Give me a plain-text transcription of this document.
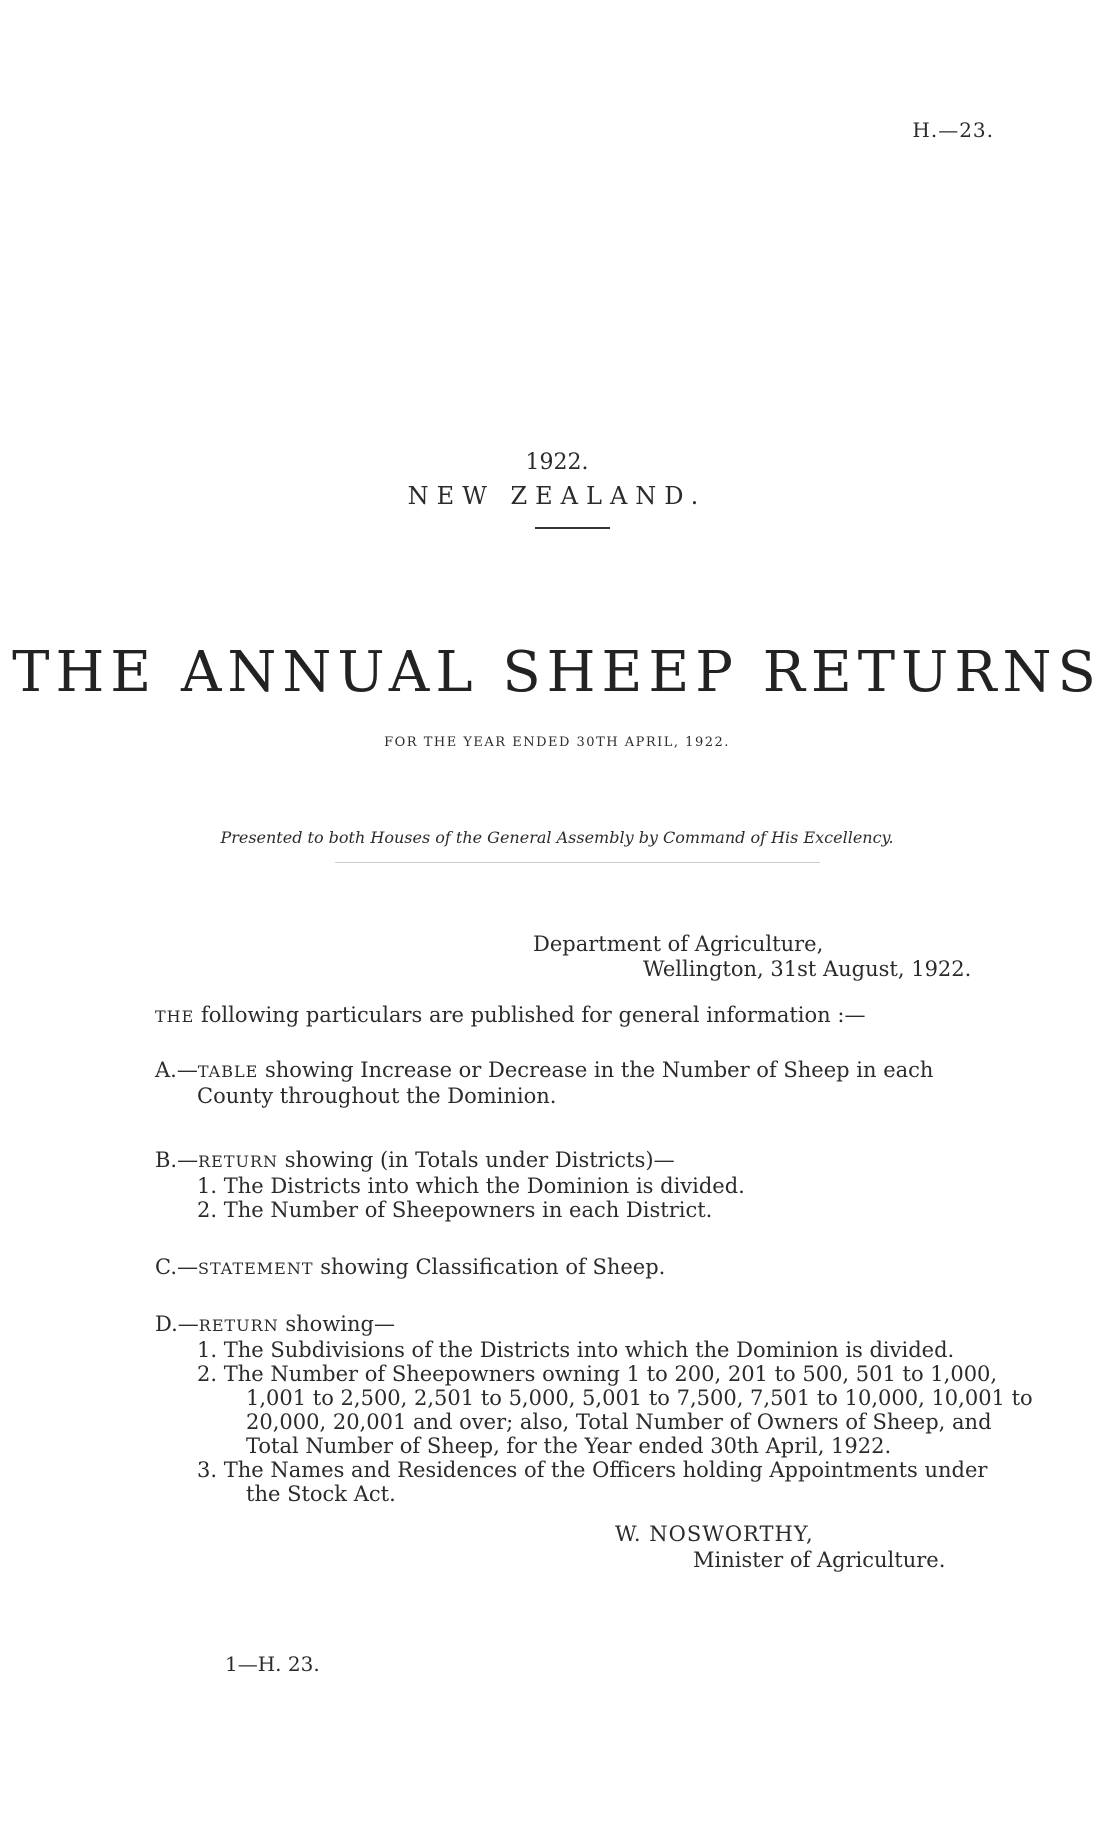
H.—23.
1922.
NEW ZEALAND.
THE ANNUAL SHEEP RETURNS
FOR THE YEAR ENDED 30TH APRIL, 1922.
Presented to both Houses of the General Assembly by Command of His Excellency.
Department of Agriculture,
Wellington, 31st August, 1922.
THE following particulars are published for general information :—
A.—TABLE showing Increase or Decrease in the Number of Sheep in each
County throughout the Dominion.
B.—RETURN showing (in Totals under Districts)—
1. The Districts into which the Dominion is divided.
2. The Number of Sheepowners in each District.
C.—STATEMENT showing Classification of Sheep.
D.—RETURN showing—
1. The Subdivisions of the Districts into which the Dominion is divided.
2. The Number of Sheepowners owning 1 to 200, 201 to 500, 501 to 1,000,
1,001 to 2,500, 2,501 to 5,000, 5,001 to 7,500, 7,501 to 10,000, 10,001 to
20,000, 20,001 and over; also, Total Number of Owners of Sheep, and
Total Number of Sheep, for the Year ended 30th April, 1922.
3. The Names and Residences of the Officers holding Appointments under
the Stock Act.
W. NOSWORTHY,
Minister of Agriculture.
1—H. 23.
